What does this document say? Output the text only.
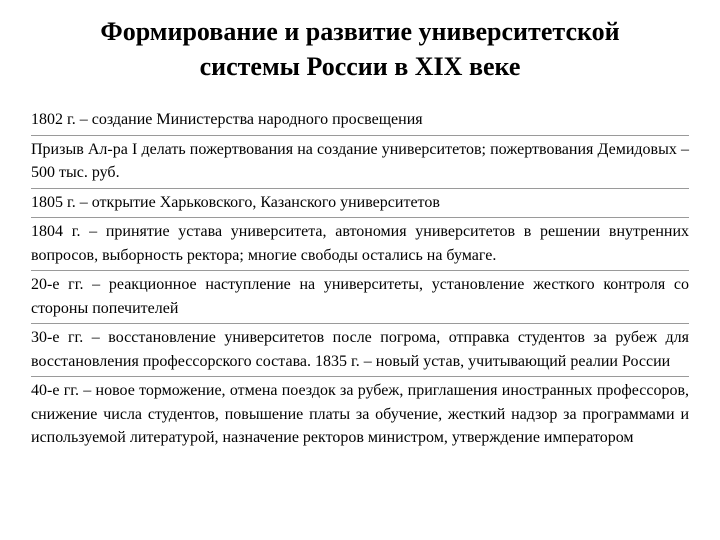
Формирование и развитие университетской
системы России в XIX веке

1802 г. – создание Министерства народного просвещения

Призыв Ал-ра I делать пожертвования на создание университетов; пожертвования Демидовых – 500 тыс. руб.

1805 г. – открытие Харьковского, Казанского университетов

1804 г. – принятие устава университета, автономия университетов в решении внутренних вопросов, выборность ректора; многие свободы остались на бумаге.

20-е гг. – реакционное наступление на университеты, установление жесткого контроля со стороны попечителей

30-е гг. – восстановление университетов после погрома, отправка студентов за рубеж для восстановления профессорского состава. 1835 г. – новый устав, учитывающий реалии России

40-е гг. – новое торможение, отмена поездок за рубеж, приглашения иностранных профессоров, снижение числа студентов, повышение платы за обучение, жесткий надзор за программами и используемой литературой, назначение ректоров министром, утверждение императором
